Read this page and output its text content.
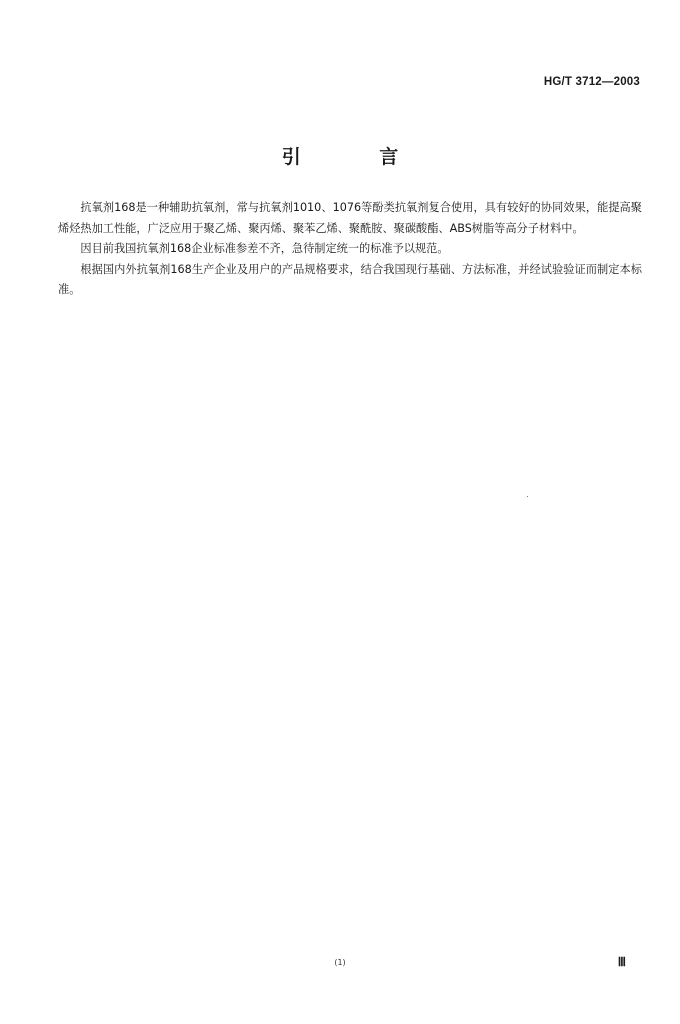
HG/T 3712—2003
引 言

抗氧剂168是一种辅助抗氧剂，常与抗氧剂1010、1076等酚类抗氧剂复合使用，具有较好的协同效果，能提高聚烯烃热加工性能，广泛应用于聚乙烯、聚丙烯、聚苯乙烯、聚酰胺、聚碳酸酯、ABS树脂等高分子材料中。

因目前我国抗氧剂168企业标准参差不齐，急待制定统一的标准予以规范。

根据国内外抗氧剂168生产企业及用户的产品规格要求，结合我国现行基础、方法标准，并经试验验证而制定本标准。

(1)	Ⅲ
